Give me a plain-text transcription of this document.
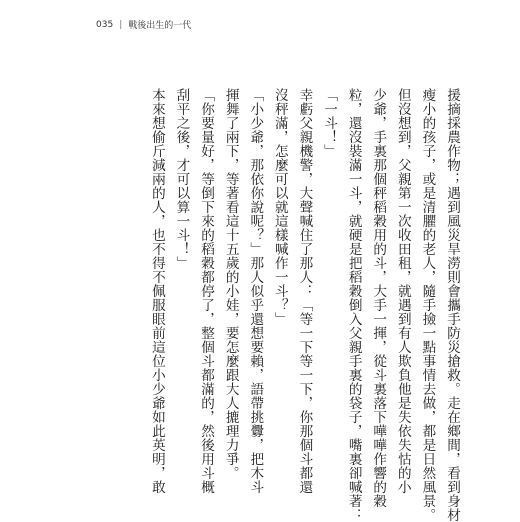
035 | 戰後出生的一代
援摘採農作物；遇到風災旱澇則會攜手防災搶救。走在鄉間，看到身材
瘦小的孩子，或是清臞的老人，隨手撿一點事情去做，都是日然風景。
但沒想到，父親第一次收田租，就遇到有人欺負他是失依失怙的小
少爺，手裏那個秤稻穀用的斗，大手一揮，從斗裏落下嘩嘩作響的穀
粒，還沒裝滿一斗，就硬是把稻穀倒入父親手裏的袋子，嘴裏卻喊著：
「一斗！」
幸虧父親機警，大聲喊住了那人：「等一下等一下，你那個斗都還
沒秤滿，怎麼可以就這樣喊作一斗？」
「小少爺，那依你說呢？」那人似乎還想要賴，語帶挑釁，把木斗
揮舞了兩下，等著看這十五歲的小娃，要怎麼跟大人摝理力爭。
「你要量好，等倒下來的稻穀都停了，整個斗都滿的，然後用斗概
刮平之後，才可以算一斗！」
本來想偷斤減兩的人，也不得不佩服眼前這位小少爺如此英明，敢
